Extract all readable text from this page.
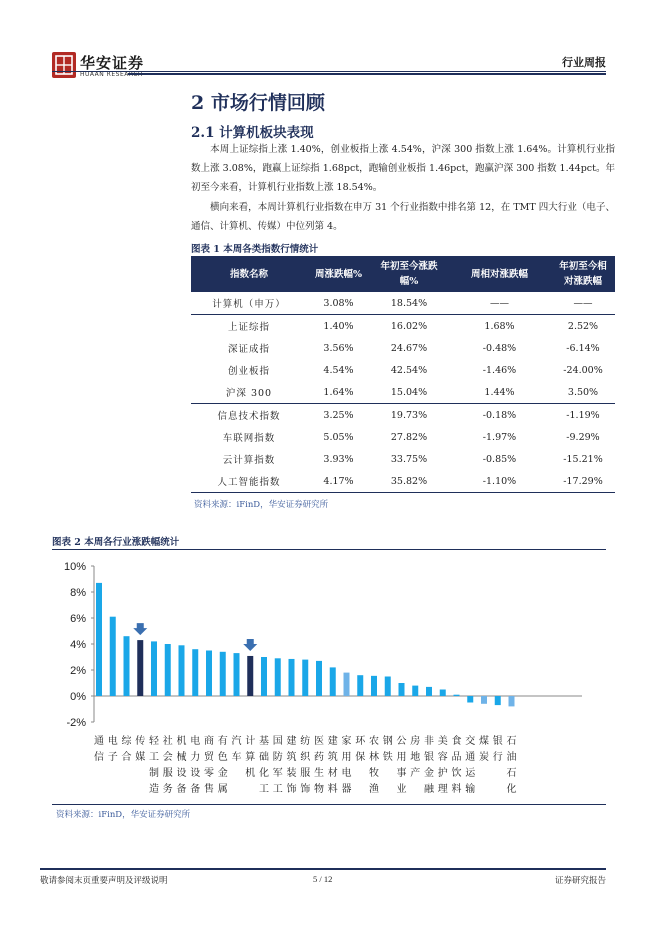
华安证券
HUAAN RESEARCH
行业周报
2 市场行情回顾
2.1 计算机板块表现
本周上证综指上涨 1.40%，创业板指上涨 4.54%，沪深 300 指数上涨 1.64%。计算机行业指数上涨 3.08%，跑赢上证综指 1.68pct，跑输创业板指 1.46pct，跑赢沪深 300 指数 1.44pct。年初至今来看，计算机行业指数上涨 18.54%。
横向来看，本周计算机行业指数在申万 31 个行业指数中排名第 12，在 TMT 四大行业（电子、通信、计算机、传媒）中位列第 4。
图表 1 本周各类指数行情统计
指数名称	周涨跌幅%	年初至今涨跌幅%	周相对涨跌幅	年初至今相对涨跌幅
计算机（申万）	3.08%	18.54%	——	——
上证综指	1.40%	16.02%	1.68%	2.52%
深证成指	3.56%	24.67%	-0.48%	-6.14%
创业板指	4.54%	42.54%	-1.46%	-24.00%
沪深 300	1.64%	15.04%	1.44%	3.50%
信息技术指数	3.25%	19.73%	-0.18%	-1.19%
车联网指数	5.05%	27.82%	-1.97%	-9.29%
云计算指数	3.93%	33.75%	-0.85%	-15.21%
人工智能指数	4.17%	35.82%	-1.10%	-17.29%
资料来源：iFinD，华安证券研究所
图表 2 本周各行业涨跌幅统计
-2%
0%
2%
4%
6%
8%
10%
通信
电子
综合
传媒
轻工制造
社会服务
机械设备
电力设备
商贸零售
有色金属
汽车
计算机
基础化工
国防军工
建筑装饰
纺织服饰
医药生物
建筑材料
家用电器
环保
农林牧渔
钢铁
公用事业
房地产
非银金融
美容护理
食品饮料
交通运输
煤炭
银行
石油石化
资料来源：iFinD，华安证券研究所
敬请参阅末页重要声明及评级说明	5 / 12	证券研究报告
